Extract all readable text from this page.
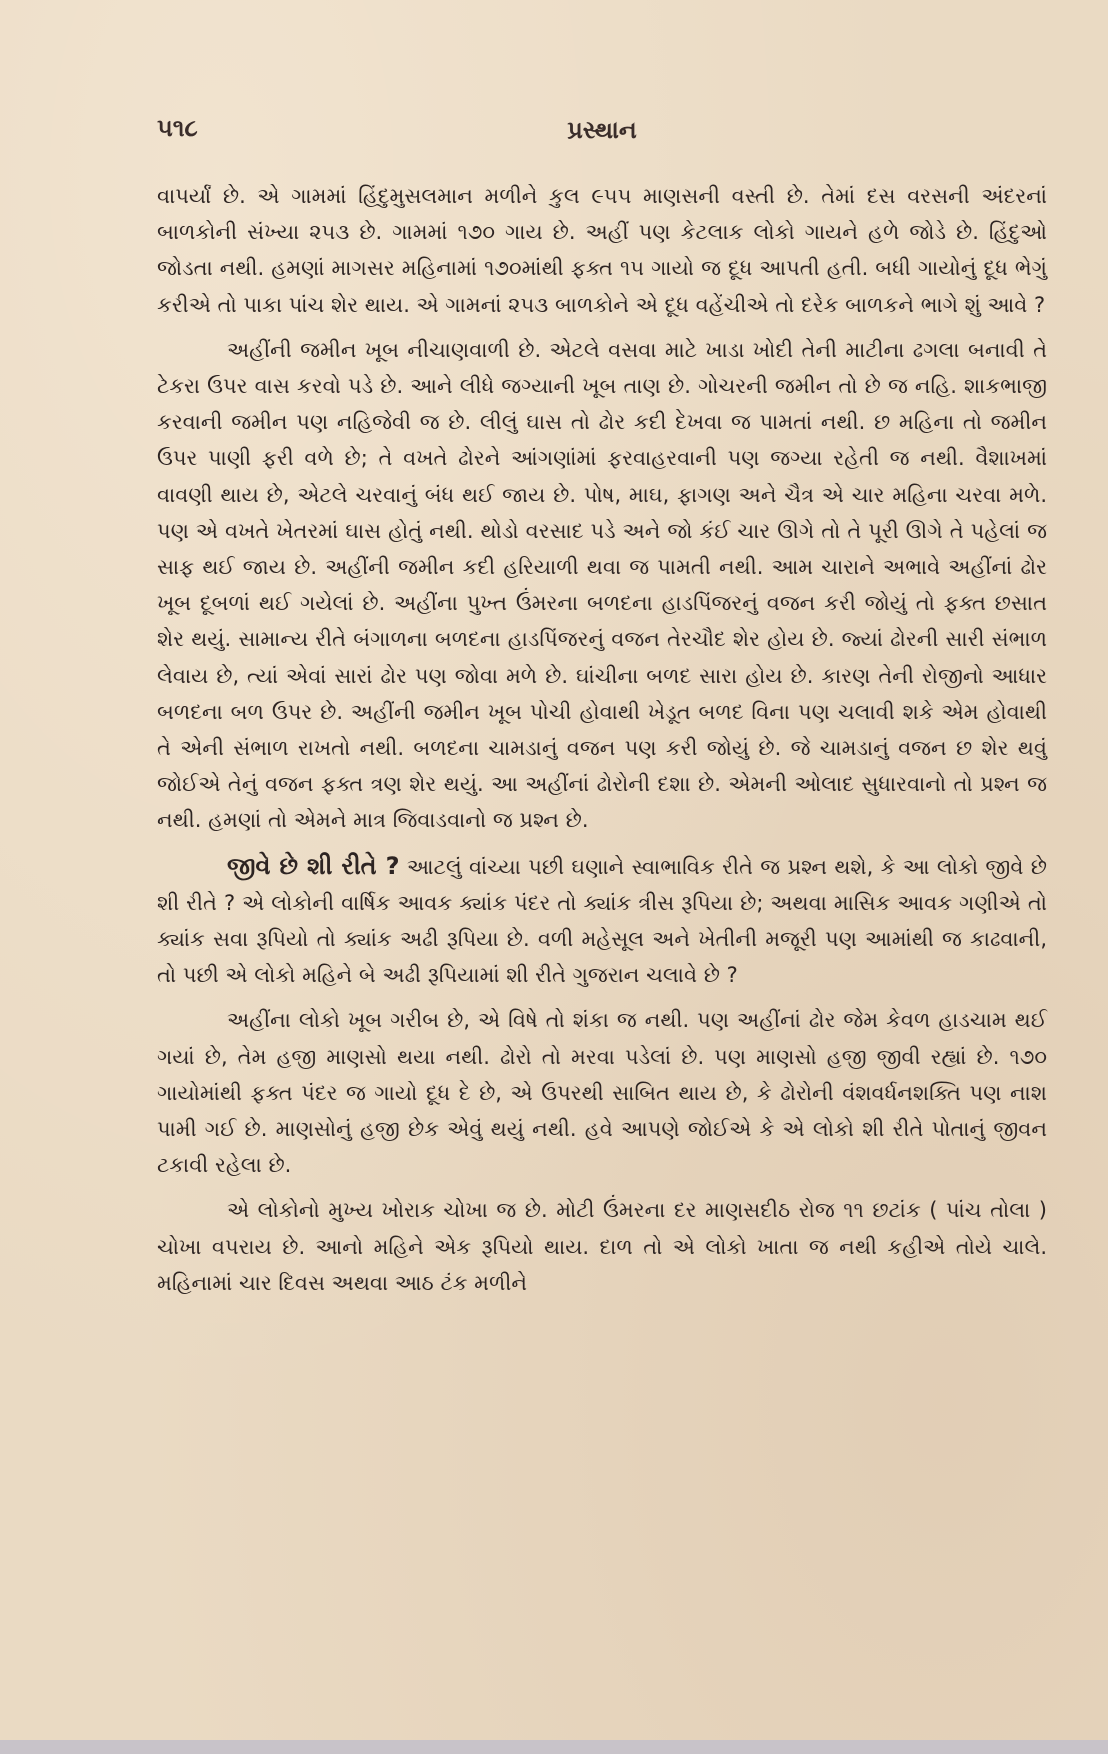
૫૧૮	પ્રસ્થાન

વાપર્યાં છે. એ ગામમાં હિંદુમુસલમાન મળીને કુલ ૯૫૫ માણસની વસ્તી છે. તેમાં દસ વરસની અંદરનાં બાળકોની સંખ્યા ૨૫૩ છે. ગામમાં ૧૭૦ ગાય છે. અહીં પણ કેટલાક લોકો ગાયને હળે જોડે છે. હિંદુઓ જોડતા નથી. હમણાં માગસર મહિનામાં ૧૭૦માંથી ફક્ત ૧૫ ગાયો જ દૂધ આપતી હતી. બધી ગાયોનું દૂધ ભેગું કરીએ તો પાકા પાંચ શેર થાય. એ ગામનાં ૨૫૩ બાળકોને એ દૂધ વહેંચીએ તો દરેક બાળકને ભાગે શું આવે ?

અહીંની જમીન ખૂબ નીચાણવાળી છે. એટલે વસવા માટે ખાડા ખોદી તેની માટીના ઢગલા બનાવી તે ટેકરા ઉપર વાસ કરવો પડે છે. આને લીધે જગ્યાની ખૂબ તાણ છે. ગોચરની જમીન તો છે જ નહિ. શાકભાજી કરવાની જમીન પણ નહિજેવી જ છે. લીલું ઘાસ તો ઢોર કદી દેખવા જ પામતાં નથી. છ મહિના તો જમીન ઉપર પાણી ફરી વળે છે; તે વખતે ઢોરને આંગણાંમાં ફરવાહરવાની પણ જગ્યા રહેતી જ નથી. વૈશાખમાં વાવણી થાય છે, એટલે ચરવાનું બંધ થઈ જાય છે. પોષ, માઘ, ફાગણ અને ચૈત્ર એ ચાર મહિના ચરવા મળે. પણ એ વખતે ખેતરમાં ઘાસ હોતું નથી. થોડો વરસાદ પડે અને જો કંઈ ચાર ઊગે તો તે પૂરી ઊગે તે પહેલાં જ સાફ થઈ જાય છે. અહીંની જમીન કદી હરિયાળી થવા જ પામતી નથી. આમ ચારાને અભાવે અહીંનાં ઢોર ખૂબ દૂબળાં થઈ ગયેલાં છે. અહીંના પુખ્ત ઉંમરના બળદના હાડપિંજરનું વજન કરી જોયું તો ફક્ત છસાત શેર થયું. સામાન્ય રીતે બંગાળના બળદના હાડપિંજરનું વજન તેરચૌદ શેર હોય છે. જ્યાં ઢોરની સારી સંભાળ લેવાય છે, ત્યાં એવાં સારાં ઢોર પણ જોવા મળે છે. ઘાંચીના બળદ સારા હોય છે. કારણ તેની રોજીનો આધાર બળદના બળ ઉપર છે. અહીંની જમીન ખૂબ પોચી હોવાથી ખેડૂત બળદ વિના પણ ચલાવી શકે એમ હોવાથી તે એની સંભાળ રાખતો નથી. બળદના ચામડાનું વજન પણ કરી જોયું છે. જે ચામડાનું વજન છ શેર થવું જોઈએ તેનું વજન ફક્ત ત્રણ શેર થયું. આ અહીંનાં ઢોરોની દશા છે. એમની ઓલાદ સુધારવાનો તો પ્રશ્ન જ નથી. હમણાં તો એમને માત્ર જિવાડવાનો જ પ્રશ્ન છે.

જીવે છે શી રીતે ? આટલું વાંચ્યા પછી ઘણાને સ્વાભાવિક રીતે જ પ્રશ્ન થશે, કે આ લોકો જીવે છે શી રીતે ? એ લોકોની વાર્ષિક આવક ક્યાંક પંદર તો ક્યાંક ત્રીસ રૂપિયા છે; અથવા માસિક આવક ગણીએ તો ક્યાંક સવા રૂપિયો તો ક્યાંક અઢી રૂપિયા છે. વળી મહેસૂલ અને ખેતીની મજૂરી પણ આમાંથી જ કાઢવાની, તો પછી એ લોકો મહિને બે અઢી રૂપિયામાં શી રીતે ગુજરાન ચલાવે છે ?

અહીંના લોકો ખૂબ ગરીબ છે, એ વિષે તો શંકા જ નથી. પણ અહીંનાં ઢોર જેમ કેવળ હાડચામ થઈ ગયાં છે, તેમ હજી માણસો થયા નથી. ઢોરો તો મરવા પડેલાં છે. પણ માણસો હજી જીવી રહ્યાં છે. ૧૭૦ ગાયોમાંથી ફક્ત પંદર જ ગાયો દૂધ દે છે, એ ઉપરથી સાબિત થાય છે, કે ઢોરોની વંશવર્ધનશક્તિ પણ નાશ પામી ગઈ છે. માણસોનું હજી છેક એવું થયું નથી. હવે આપણે જોઈએ કે એ લોકો શી રીતે પોતાનું જીવન ટકાવી રહેલા છે.

એ લોકોનો મુખ્ય ખોરાક ચોખા જ છે. મોટી ઉંમરના દર માણસદીઠ રોજ ૧૧ છટાંક ( પાંચ તોલા ) ચોખા વપરાય છે. આનો મહિને એક રૂપિયો થાય. દાળ તો એ લોકો ખાતા જ નથી કહીએ તોયે ચાલે. મહિનામાં ચાર દિવસ અથવા આઠ ટંક મળીને
